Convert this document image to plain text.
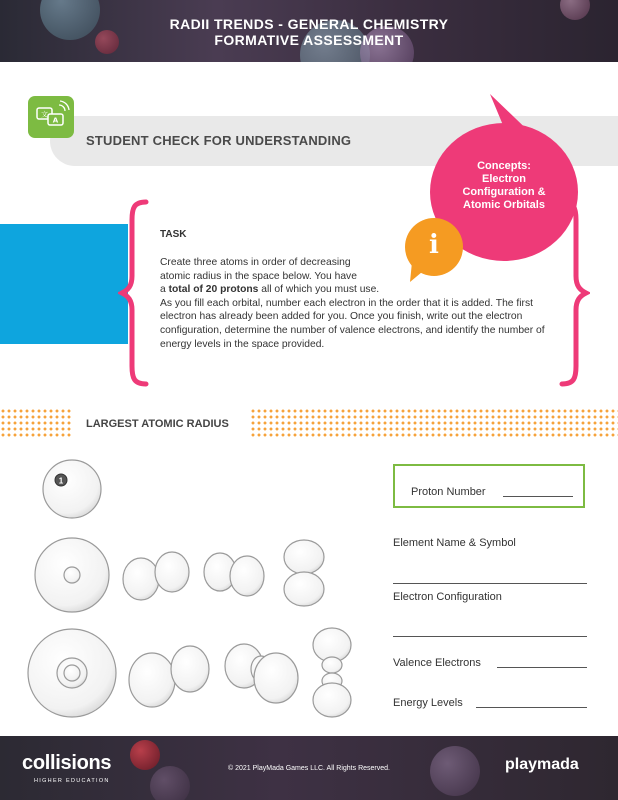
RADII TRENDS - GENERAL CHEMISTRY
FORMATIVE ASSESSMENT
文
A
STUDENT CHECK FOR UNDERSTANDING
Concepts:
Electron
Configuration &
Atomic Orbitals
i
TASK
Create three atoms in order of decreasing
atomic radius in the space below. You have
a total of 20 protons all of which you must use.
As you fill each orbital, number each electron in the order that it is added. The first electron has already been added for you. Once you finish, write out the electron configuration, determine the number of valence electrons, and identify the number of energy levels in the space provided.
LARGEST ATOMIC RADIUS
1
Proton Number
Element Name & Symbol
Electron Configuration
Valence Electrons
Energy Levels
collisions
HIGHER EDUCATION
© 2021 PlayMada Games LLC. All Rights Reserved.	playmada
